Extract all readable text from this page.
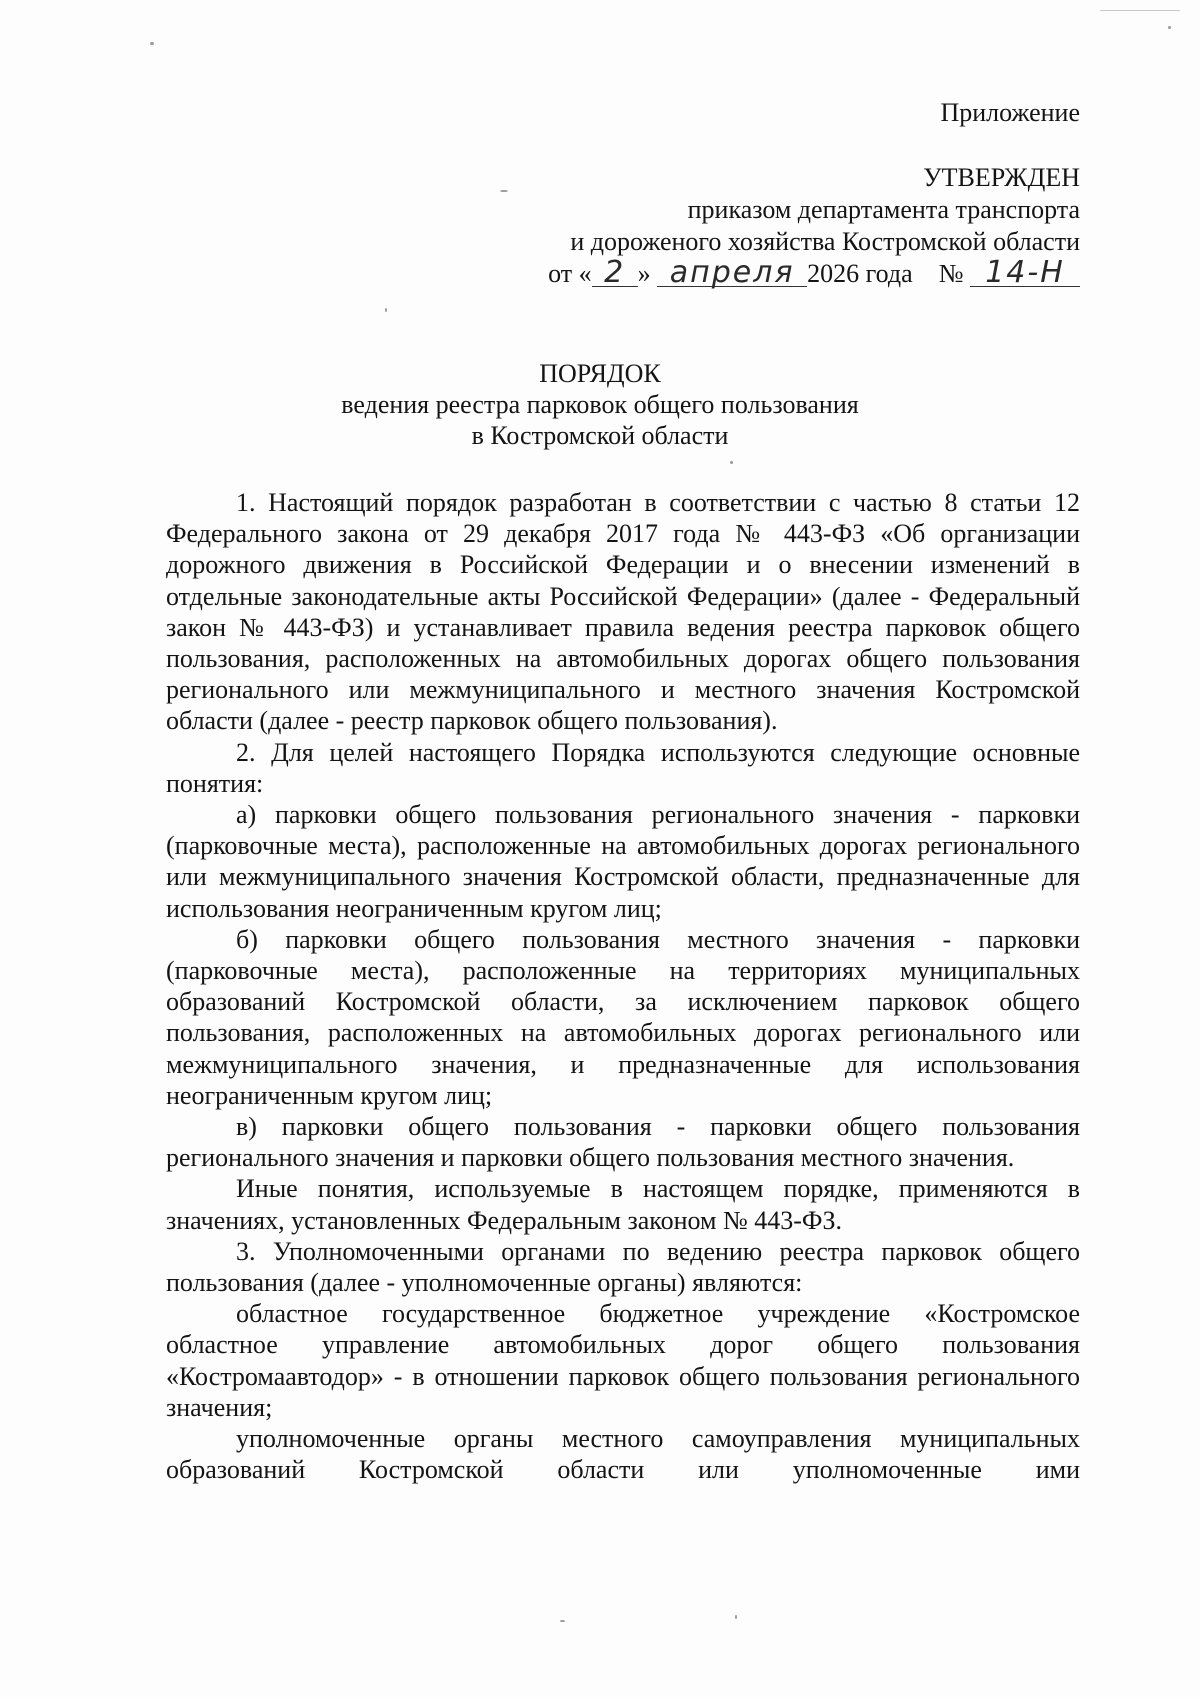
Приложение
УТВЕРЖДЕН
приказом департамента транспорта
и дороженого хозяйства Костромской области
от « 2 » апреля 2026 года № 14-Н
ПОРЯДОК
ведения реестра парковок общего пользования
в Костромской области

1. Настоящий порядок разработан в соответствии с частью 8 статьи 12 Федерального закона от 29 декабря 2017 года № 443-ФЗ «Об организации дорожного движения в Российской Федерации и о внесении изменений в отдельные законодательные акты Российской Федерации» (далее - Федеральный закон № 443-ФЗ) и устанавливает правила ведения реестра парковок общего пользования, расположенных на автомобильных дорогах общего пользования регионального или межмуниципального и местного значения Костромской области (далее - реестр парковок общего пользования).

2. Для целей настоящего Порядка используются следующие основные понятия:

а) парковки общего пользования регионального значения - парковки (парковочные места), расположенные на автомобильных дорогах регионального или межмуниципального значения Костромской области, предназначенные для использования неограниченным кругом лиц;

б) парковки общего пользования местного значения - парковки (парковочные места), расположенные на территориях муниципальных образований Костромской области, за исключением парковок общего пользования, расположенных на автомобильных дорогах регионального или межмуниципального значения, и предназначенные для использования неограниченным кругом лиц;

в) парковки общего пользования - парковки общего пользования регионального значения и парковки общего пользования местного значения.

Иные понятия, используемые в настоящем порядке, применяются в значениях, установленных Федеральным законом № 443-ФЗ.

3. Уполномоченными органами по ведению реестра парковок общего пользования (далее - уполномоченные органы) являются:

областное государственное бюджетное учреждение «Костромское областное управление автомобильных дорог общего пользования «Костромаавтодор» - в отношении парковок общего пользования регионального значения;

уполномоченные органы местного самоуправления муниципальных образований Костромской области или уполномоченные ими
